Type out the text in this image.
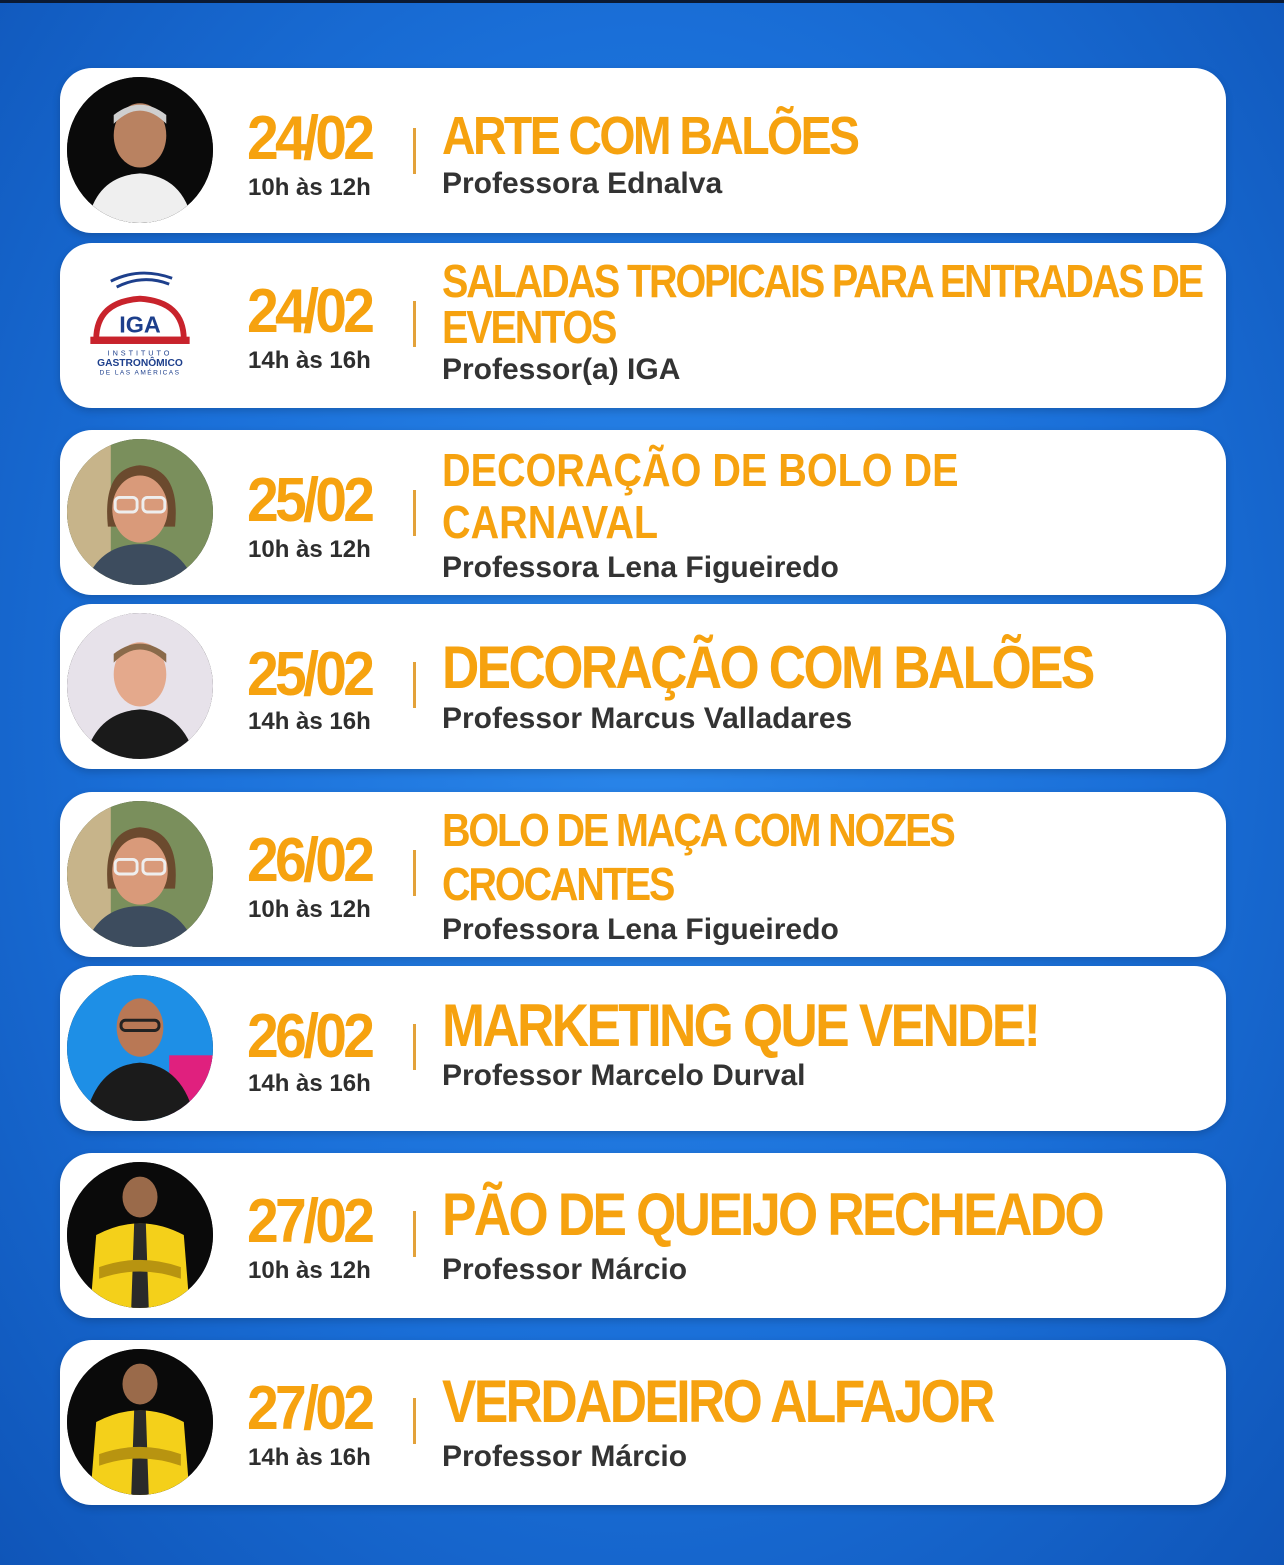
24/02
10h às 12h
ARTE COM BALÕES
Professora Ednalva
IGA
INSTITUTO
GASTRONÔMICO
DE LAS AMÉRICAS
24/02
14h às 16h
SALADAS TROPICAIS PARA ENTRADAS DE
EVENTOS
Professor(a) IGA
25/02
10h às 12h
DECORAÇÃO DE BOLO DE
CARNAVAL
Professora Lena Figueiredo
25/02
14h às 16h
DECORAÇÃO COM BALÕES
Professor Marcus Valladares
26/02
10h às 12h
BOLO DE MAÇA COM NOZES
CROCANTES
Professora Lena Figueiredo
26/02
14h às 16h
MARKETING QUE VENDE!
Professor Marcelo Durval
27/02
10h às 12h
PÃO DE QUEIJO RECHEADO
Professor Márcio
27/02
14h às 16h
VERDADEIRO ALFAJOR
Professor Márcio
